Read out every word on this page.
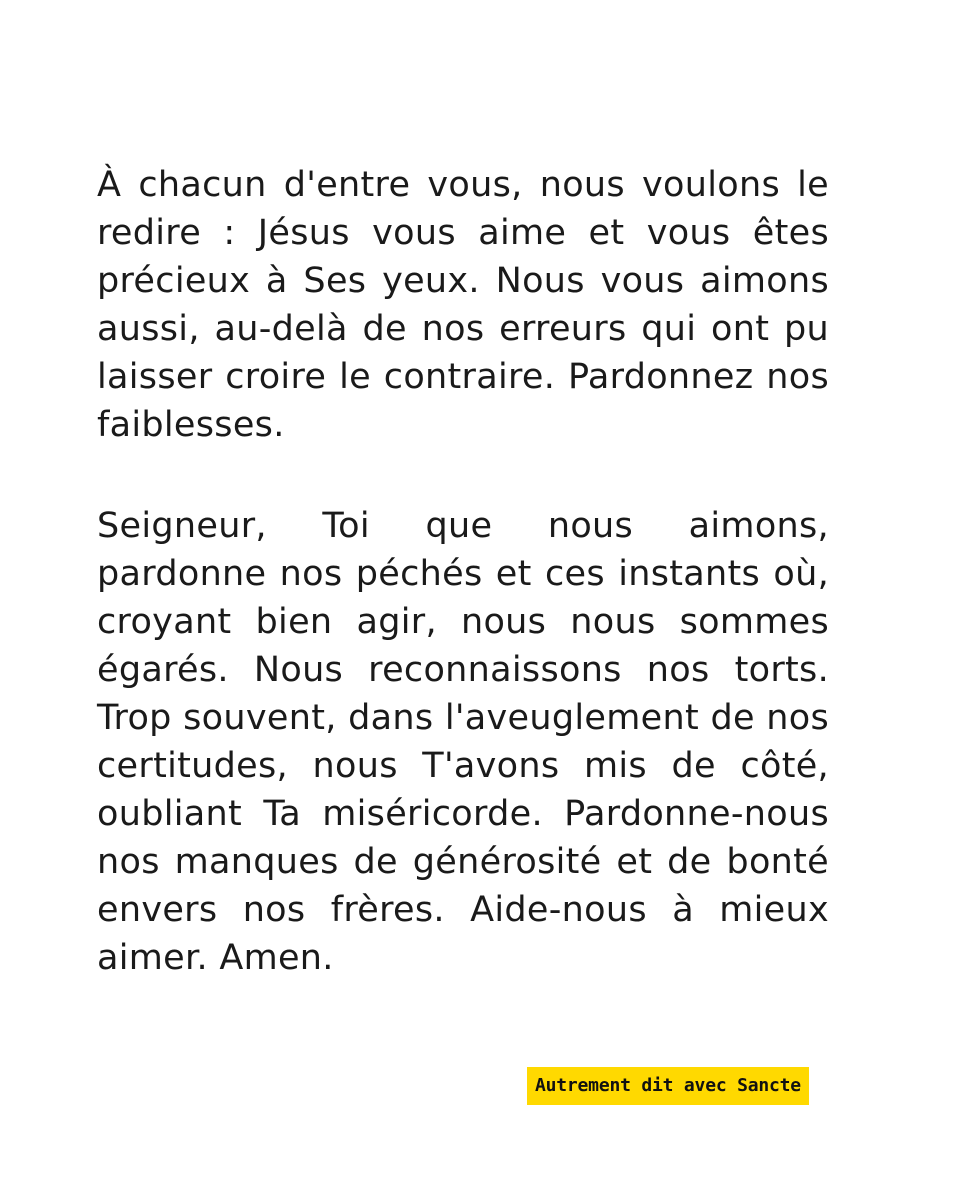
À chacun d'entre vous, nous voulons le redire : Jésus vous aime et vous êtes précieux à Ses yeux. Nous vous aimons aussi, au-delà de nos erreurs qui ont pu laisser croire le contraire. Pardonnez nos faiblesses.

Seigneur, Toi que nous aimons, pardonne nos péchés et ces instants où, croyant bien agir, nous nous sommes égarés. Nous reconnaissons nos torts. Trop souvent, dans l'aveuglement de nos certitudes, nous T'avons mis de côté, oubliant Ta miséricorde. Pardonne-nous nos manques de générosité et de bonté envers nos frères. Aide-nous à mieux aimer. Amen.

Autrement dit avec Sancte
